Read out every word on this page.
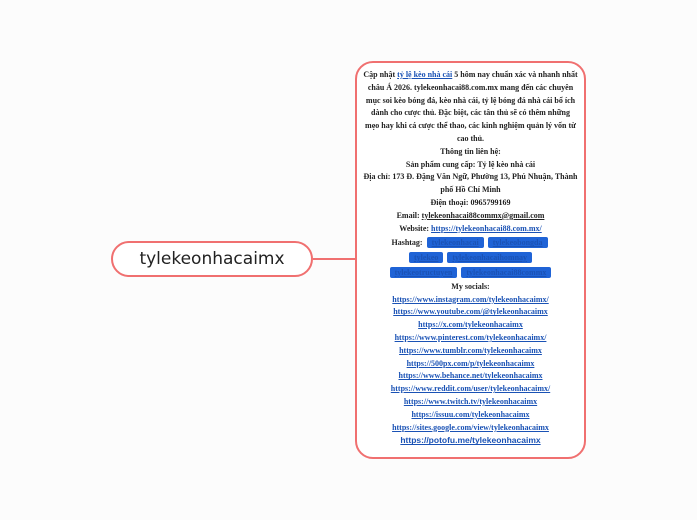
tylekeonhacaimx

Cập nhật tỷ lệ kèo nhà cái 5 hôm nay chuẩn xác và nhanh nhất châu Á 2026. tylekeonhacai88.com.mx mang đến các chuyên mục soi kèo bóng đá, kèo nhà cái, tỷ lệ bóng đá nhà cái bổ ích dành cho cược thủ. Đặc biệt, các tân thủ sẽ có thêm những mẹo hay khi cá cược thể thao, các kinh nghiệm quản lý vốn từ cao thủ.

Thông tin liên hệ:

Sản phẩm cung cấp: Tỷ lệ kèo nhà cái

Địa chỉ: 173 Đ. Đặng Văn Ngữ, Phường 13, Phú Nhuận, Thành phố Hồ Chí Minh

Điện thoại: 0965799169

Email: tylekeonhacai88commx@gmail.com

Website: https://tylekeonhacai88.com.mx/

Hashtag: tylekeonhacai tylekeobongda

tylekeo tylekeonhacaihomnay

tylekeotructuyen tylekeonhacai88commx

My socials:

https://www.instagram.com/tylekeonhacaimx/

https://www.youtube.com/@tylekeonhacaimx

https://x.com/tylekeonhacaimx

https://www.pinterest.com/tylekeonhacaimx/

https://www.tumblr.com/tylekeonhacaimx

https://500px.com/p/tylekeonhacaimx

https://www.behance.net/tylekeonhacaimx

https://www.reddit.com/user/tylekeonhacaimx/

https://www.twitch.tv/tylekeonhacaimx

https://issuu.com/tylekeonhacaimx

https://sites.google.com/view/tylekeonhacaimx

https://potofu.me/tylekeonhacaimx
